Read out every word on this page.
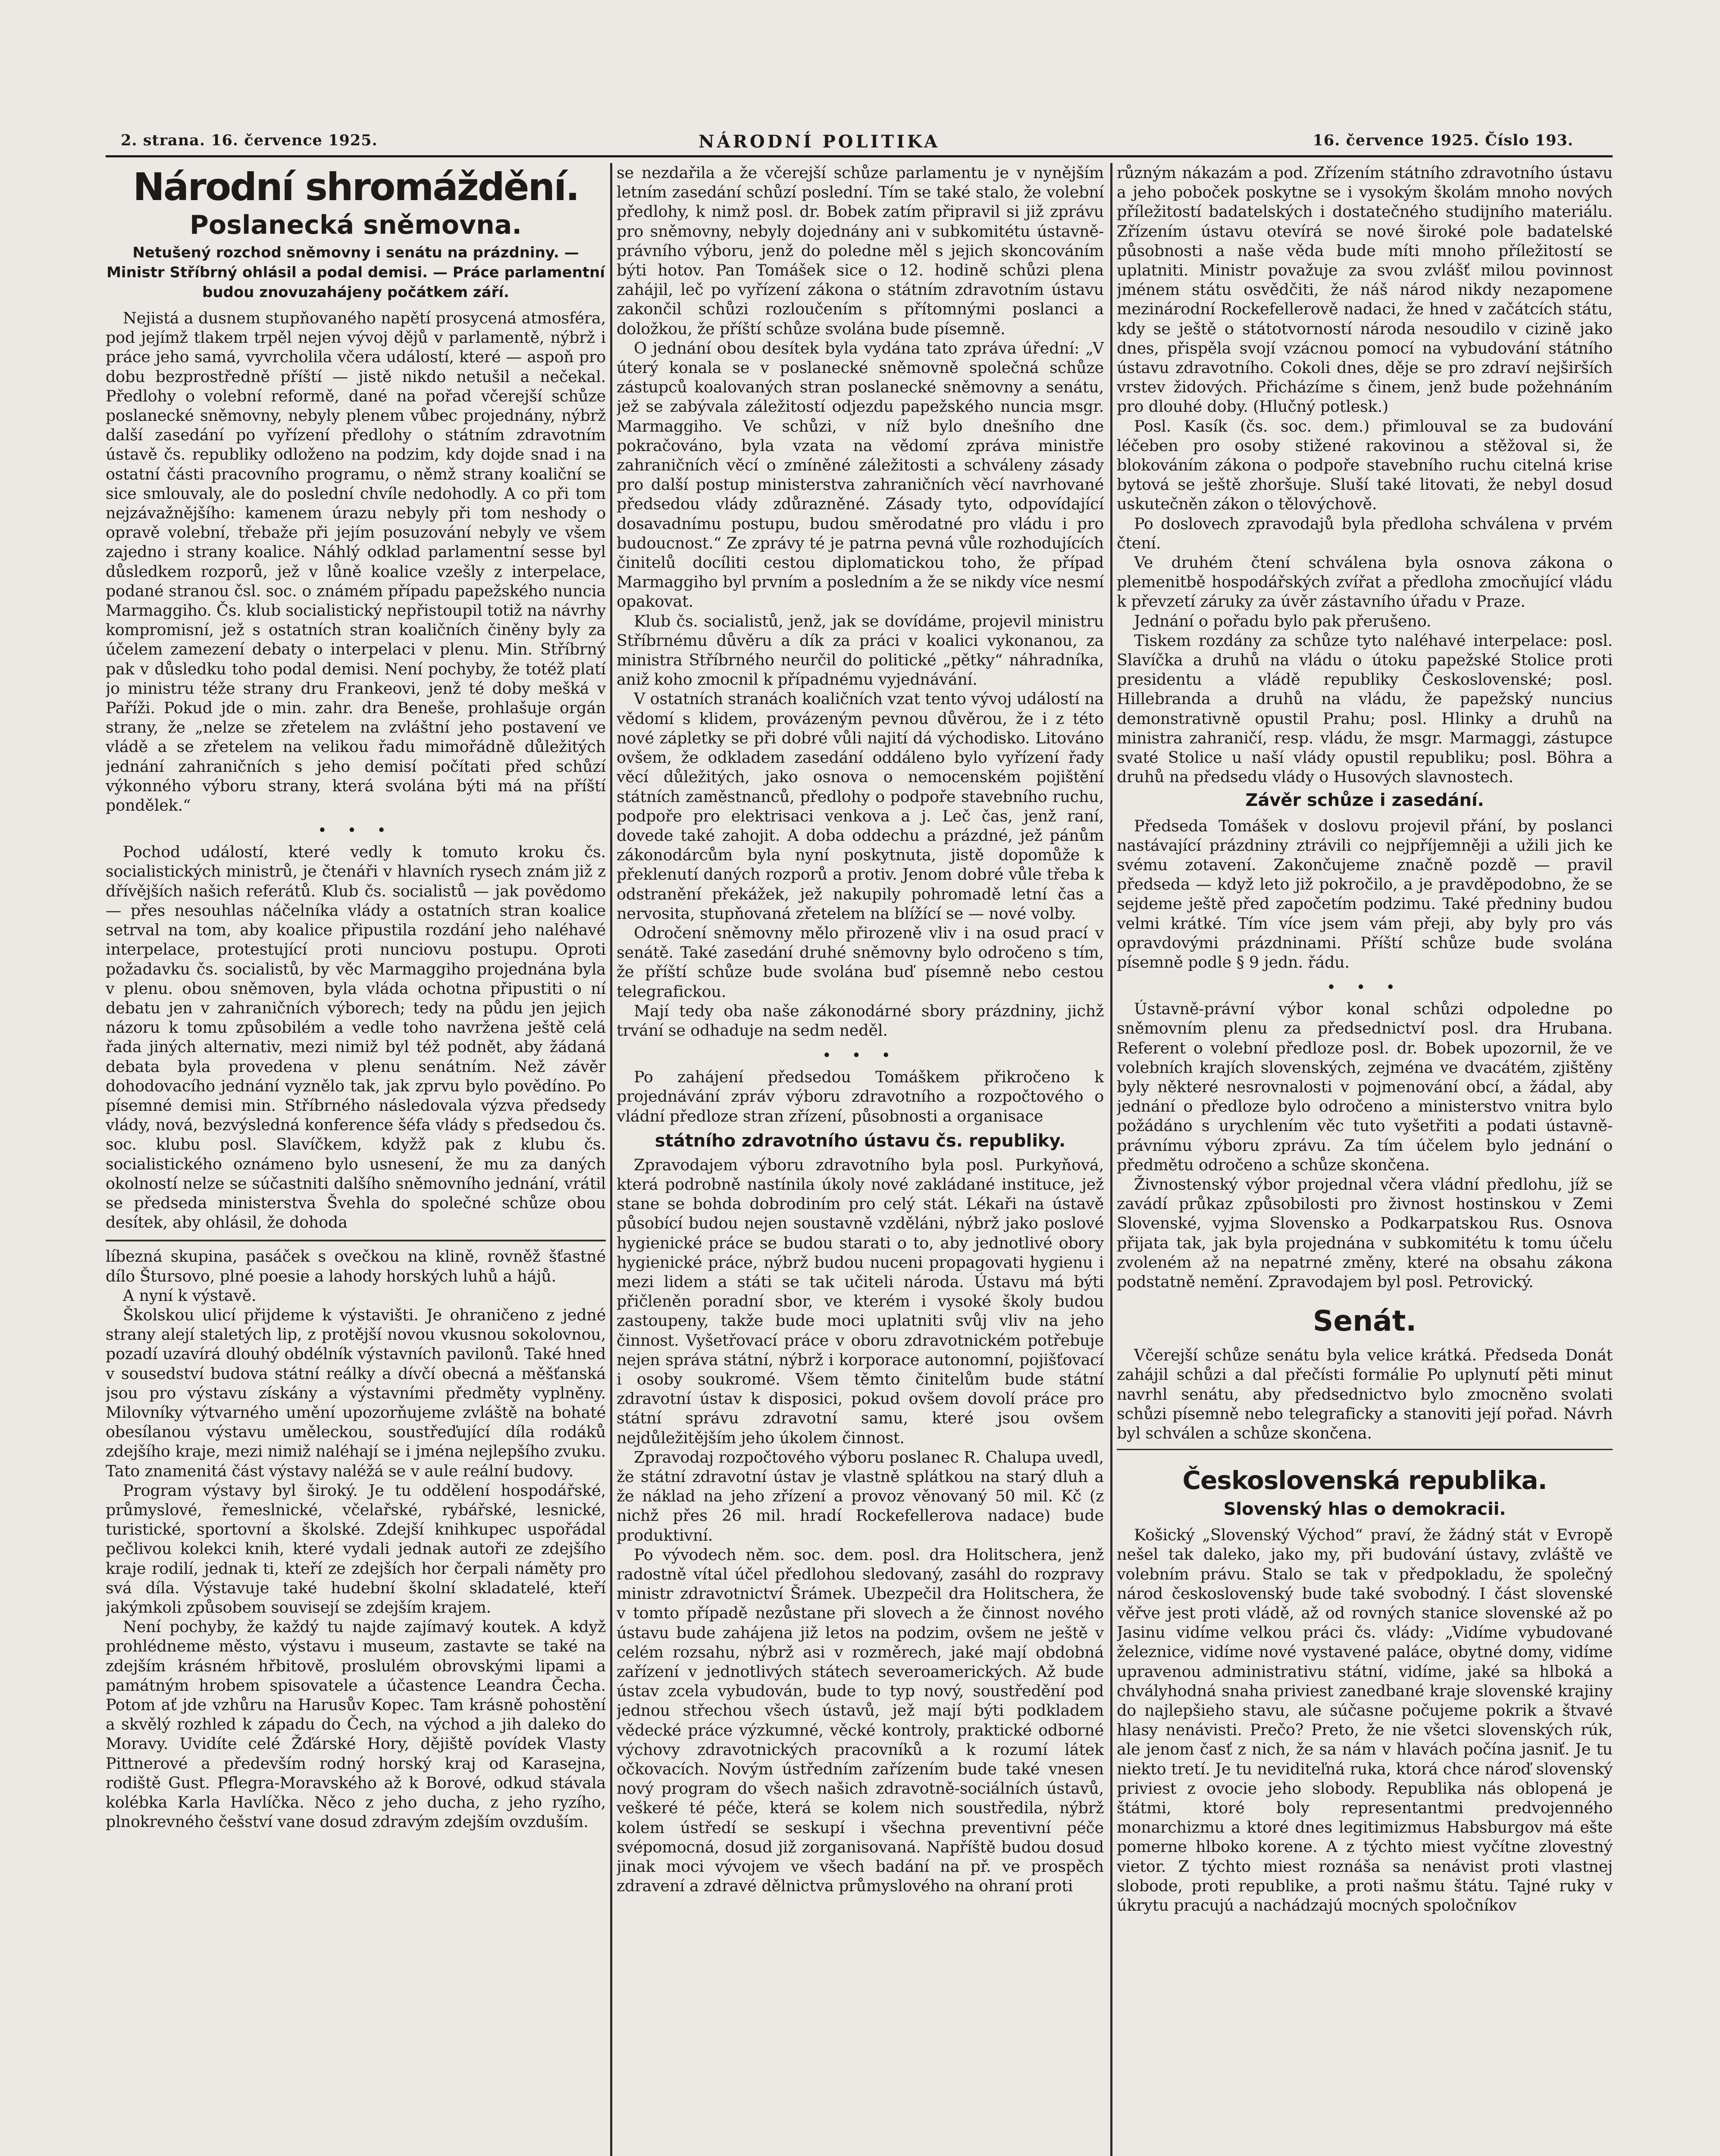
2. strana. 16. července 1925.	NÁRODNÍ POLITIKA	16. července 1925. Číslo 193.
Národní shromáždění.
Poslanecká sněmovna.
Netušený rozchod sněmovny i senátu na prázdniny. — Ministr Stříbrný ohlásil a podal demisi. — Práce parlamentní budou znovuzahájeny počátkem září.

Nejistá a dusnem stupňovaného napětí prosycená atmosféra, pod jejímž tlakem trpěl nejen vývoj dějů v parlamentě, nýbrž i práce jeho samá, vyvrcholila včera událostí, které — aspoň pro dobu bezprostředně příští — jistě nikdo netušil a nečekal. Předlohy o volební reformě, dané na pořad včerejší schůze poslanecké sněmovny, nebyly plenem vůbec projednány, nýbrž další zasedání po vyřízení předlohy o státním zdravotním ústavě čs. republiky odloženo na podzim, kdy dojde snad i na ostatní části pracovního programu, o němž strany koaliční se sice smlouvaly, ale do poslední chvíle nedohodly. A co při tom nejzávažnějšího: kamenem úrazu nebyly při tom neshody o opravě volební, třebaže při jejím posuzování nebyly ve všem zajedno i strany koalice. Náhlý odklad parlamentní sesse byl důsledkem rozporů, jež v lůně koalice vzešly z interpelace, podané stranou čsl. soc. o známém případu papežského nuncia Marmaggiho. Čs. klub socialistický nepřistoupil totiž na návrhy kompromisní, jež s ostatních stran koaličních činěny byly za účelem zamezení debaty o interpelaci v plenu. Min. Stříbrný pak v důsledku toho podal demisi. Není pochyby, že totéž platí jo ministru téže strany dru Frankeovi, jenž té doby mešká v Paříži. Pokud jde o min. zahr. dra Beneše, prohlašuje orgán strany, že „nelze se zřetelem na zvláštní jeho postavení ve vládě a se zřetelem na velikou řadu mimořádně důležitých jednání zahraničních s jeho demisí počítati před schůzí výkonného výboru strany, která svolána býti má na příští pondělek.“

• • •

Pochod událostí, které vedly k tomuto kroku čs. socialistických ministrů, je čtenáři v hlavních rysech znám již z dřívějších našich referátů. Klub čs. socialistů — jak povědomo — přes nesouhlas náčelníka vlády a ostatních stran koalice setrval na tom, aby koalice připustila rozdání jeho naléhavé interpelace, protestující proti nunciovu postupu. Oproti požadavku čs. socialistů, by věc Marmaggiho projednána byla v plenu. obou sněmoven, byla vláda ochotna připustiti o ní debatu jen v zahraničních výborech; tedy na půdu jen jejich názoru k tomu způsobilém a vedle toho navržena ještě celá řada jiných alternativ, mezi nimiž byl též podnět, aby žádaná debata byla provedena v plenu senátním. Než závěr dohodovacího jednání vyznělo tak, jak zprvu bylo povědíno. Po písemné demisi min. Stříbrného následovala výzva předsedy vlády, nová, bezvýsledná konference šéfa vlády s předsedou čs. soc. klubu posl. Slavíčkem, kdyžž pak z klubu čs. socialistického oznámeno bylo usnesení, že mu za daných okolností nelze se súčastniti dalšího sněmovního jednání, vrátil se předseda ministerstva Švehla do společné schůze obou desítek, aby ohlásil, že dohoda

líbezná skupina, pasáček s ovečkou na klině, rovněž šťastné dílo Štursovo, plné poesie a lahody horských luhů a hájů.

A nyní k výstavě.

Školskou ulicí přijdeme k výstavišti. Je ohraničeno z jedné strany alejí staletých lip, z protější novou vkusnou sokolovnou, pozadí uzavírá dlouhý obdélník výstavních pavilonů. Také hned v sousedství budova státní reálky a dívčí obecná a měšťanská jsou pro výstavu získány a výstavními předměty vyplněny. Milovníky výtvarného umění upozorňujeme zvláště na bohaté obesílanou výstavu uměleckou, soustřeďující díla rodáků zdejšího kraje, mezi nimiž naléhají se i jména nejlepšího zvuku. Tato znamenitá část výstavy naléžá se v aule reální budovy.

Program výstavy byl široký. Je tu oddělení hospodářské, průmyslové, řemeslnické, včelařské, rybářské, lesnické, turistické, sportovní a školské. Zdejší knihkupec uspořádal pečlivou kolekci knih, které vydali jednak autoři ze zdejšího kraje rodilí, jednak ti, kteří ze zdejších hor čerpali náměty pro svá díla. Výstavuje také hudební školní skladatelé, kteří jakýmkoli způsobem souvisejí se zdejším krajem.

Není pochyby, že každý tu najde zajímavý koutek. A když prohlédneme město, výstavu i museum, zastavte se také na zdejším krásném hřbitově, proslulém obrovskými lipami a památným hrobem spisovatele a účastence Leandra Čecha. Potom ať jde vzhůru na Harusův Kopec. Tam krásně pohostění a skvělý rozhled k západu do Čech, na východ a jih daleko do Moravy. Uvidíte celé Žďárské Hory, dějiště povídek Vlasty Pittnerové a především rodný horský kraj od Karasejna, rodiště Gust. Pflegra-Moravského až k Borové, odkud stávala kolébka Karla Havlíčka. Něco z jeho ducha, z jeho ryzího, plnokrevného češství vane dosud zdravým zdejším ovzduším.

se nezdařila a že včerejší schůze parlamentu je v nynějším letním zasedání schůzí poslední. Tím se také stalo, že volební předlohy, k nimž posl. dr. Bobek zatím připravil si již zprávu pro sněmovny, nebyly dojednány ani v subkomitétu ústavně-právního výboru, jenž do poledne měl s jejich skoncováním býti hotov. Pan Tomášek sice o 12. hodině schůzi plena zahájil, leč po vyřízení zákona o státním zdravotním ústavu zakončil schůzi rozloučením s přítomnými poslanci a doložkou, že příští schůze svolána bude písemně.

O jednání obou desítek byla vydána tato zpráva úřední: „V úterý konala se v poslanecké sněmovně společná schůze zástupců koalovaných stran poslanecké sněmovny a senátu, jež se zabývala záležitostí odjezdu papežského nuncia msgr. Marmaggiho. Ve schůzi, v níž bylo dnešního dne pokračováno, byla vzata na vědomí zpráva ministře zahraničních věcí o zmíněné záležitosti a schváleny zásady pro další postup ministerstva zahraničních věcí navrhované předsedou vlády zdůrazněné. Zásady tyto, odpovídající dosavadnímu postupu, budou směrodatné pro vládu i pro budoucnost.“ Ze zprávy té je patrna pevná vůle rozhodujících činitelů docíliti cestou diplomatickou toho, že případ Marmaggiho byl prvním a posledním a že se nikdy více nesmí opakovat.

Klub čs. socialistů, jenž, jak se dovídáme, projevil ministru Stříbrnému důvěru a dík za práci v koalici vykonanou, za ministra Stříbrného neurčil do politické „pětky“ náhradníka, aniž koho zmocnil k případnému vyjednávání.

V ostatních stranách koaličních vzat tento vývoj událostí na vědomí s klidem, provázeným pevnou důvěrou, že i z této nové zápletky se při dobré vůli najití dá východisko. Litováno ovšem, že odkladem zasedání oddáleno bylo vyřízení řady věcí důležitých, jako osnova o nemocenském pojištění státních zaměstnanců, předlohy o podpoře stavebního ruchu, podpoře pro elektrisaci venkova a j. Leč čas, jenž raní, dovede také zahojit. A doba oddechu a prázdné, jež pánům zákonodárcům byla nyní poskytnuta, jistě dopomůže k překlenutí daných rozporů a protiv. Jenom dobré vůle třeba k odstranění překážek, jež nakupily pohromadě letní čas a nervosita, stupňovaná zřetelem na blížící se — nové volby.

Odročení sněmovny mělo přirozeně vliv i na osud prací v senátě. Také zasedání druhé sněmovny bylo odročeno s tím, že příští schůze bude svolána buď písemně nebo cestou telegrafickou.

Mají tedy oba naše zákonodárné sbory prázdniny, jichž trvání se odhaduje na sedm neděl.

• • •

Po zahájení předsedou Tomáškem přikročeno k projednávání zpráv výboru zdravotního a rozpočtového o vládní předloze stran zřízení, působnosti a organisace

státního zdravotního ústavu čs. republiky.

Zpravodajem výboru zdravotního byla posl. Purkyňová, která podrobně nastínila úkoly nové zakládané instituce, jež stane se bohda dobrodiním pro celý stát. Lékaři na ústavě působící budou nejen soustavně vzděláni, nýbrž jako poslové hygienické práce se budou starati o to, aby jednotlivé obory hygienické práce, nýbrž budou nuceni propagovati hygienu i mezi lidem a státi se tak učiteli národa. Ústavu má býti přičleněn poradní sbor, ve kterém i vysoké školy budou zastoupeny, takže bude moci uplatniti svůj vliv na jeho činnost. Vyšetřovací práce v oboru zdravotnickém potřebuje nejen správa státní, nýbrž i korporace autonomní, pojišťovací i osoby soukromé. Všem těmto činitelům bude státní zdravotní ústav k disposici, pokud ovšem dovolí práce pro státní správu zdravotní samu, které jsou ovšem nejdůležitějším jeho úkolem činnost.

Zpravodaj rozpočtového výboru poslanec R. Chalupa uvedl, že státní zdravotní ústav je vlastně splátkou na starý dluh a že náklad na jeho zřízení a provoz věnovaný 50 mil. Kč (z nichž přes 26 mil. hradí Rockefellerova nadace) bude produktivní.

Po vývodech něm. soc. dem. posl. dra Holitschera, jenž radostně vítal účel předlohou sledovaný, zasáhl do rozpravy ministr zdravotnictví Šrámek. Ubezpečil dra Holitschera, že v tomto případě nezůstane při slovech a že činnost nového ústavu bude zahájena již letos na podzim, ovšem ne ještě v celém rozsahu, nýbrž asi v rozměrech, jaké mají obdobná zařízení v jednotlivých státech severoamerických. Až bude ústav zcela vybudován, bude to typ nový, soustředění pod jednou střechou všech ústavů, jež mají býti podkladem vědecké práce výzkumné, věcké kontroly, praktické odborné výchovy zdravotnických pracovníků a k rozumí látek očkovacích. Novým ústředním zařízením bude také vnesen nový program do všech našich zdravotně-sociálních ústavů, veškeré té péče, která se kolem nich soustředila, nýbrž kolem ústředí se seskupí i všechna preventivní péče svépomocná, dosud již zorganisovaná. Napříště budou dosud jinak moci vývojem ve všech badání na př. ve prospěch zdravení a zdravé dělnictva průmyslového na ohraní proti

různým nákazám a pod. Zřízením státního zdravotního ústavu a jeho poboček poskytne se i vysokým školám mnoho nových příležitostí badatelských i dostatečného studijního materiálu. Zřízením ústavu otevírá se nové široké pole badatelské působnosti a naše věda bude míti mnoho příležitostí se uplatniti. Ministr považuje za svou zvlášť milou povinnost jménem státu osvědčiti, že náš národ nikdy nezapomene mezinárodní Rockefellerově nadaci, že hned v začátcích státu, kdy se ještě o státotvorností národa nesoudilo v cizině jako dnes, přispěla svojí vzácnou pomocí na vybudování státního ústavu zdravotního. Cokoli dnes, děje se pro zdraví nejširších vrstev židových. Přicházíme s činem, jenž bude požehnáním pro dlouhé doby. (Hlučný potlesk.)

Posl. Kasík (čs. soc. dem.) přimlouval se za budování léčeben pro osoby stižené rakovinou a stěžoval si, že blokováním zákona o podpoře stavebního ruchu citelná krise bytová se ještě zhoršuje. Sluší také litovati, že nebyl dosud uskutečněn zákon o tělovýchově.

Po doslovech zpravodajů byla předloha schválena v prvém čtení.

Ve druhém čtení schválena byla osnova zákona o plemenitbě hospodářských zvířat a předloha zmocňující vládu k převzetí záruky za úvěr zástavního úřadu v Praze.

Jednání o pořadu bylo pak přerušeno.

Tiskem rozdány za schůze tyto naléhavé interpelace: posl. Slavíčka a druhů na vládu o útoku papežské Stolice proti presidentu a vládě republiky Československé; posl. Hillebranda a druhů na vládu, že papežský nuncius demonstrativně opustil Prahu; posl. Hlinky a druhů na ministra zahraničí, resp. vládu, že msgr. Marmaggi, zástupce svaté Stolice u naší vlády opustil republiku; posl. Böhra a druhů na předsedu vlády o Husových slavnostech.

Závěr schůze i zasedání.

Předseda Tomášek v doslovu projevil přání, by poslanci nastávající prázdniny ztrávili co nejpříjemněji a užili jich ke svému zotavení. Zakončujeme značně pozdě — pravil předseda — když leto již pokročilo, a je pravděpodobno, že se sejdeme ještě před započetím podzimu. Také předniny budou velmi krátké. Tím více jsem vám přeji, aby byly pro vás opravdovými prázdninami. Příští schůze bude svolána písemně podle § 9 jedn. řádu.

• • •

Ústavně-právní výbor konal schůzi odpoledne po sněmovním plenu za předsednictví posl. dra Hrubana. Referent o volební předloze posl. dr. Bobek upozornil, že ve volebních krajích slovenských, zejména ve dvacátém, zjištěny byly některé nesrovnalosti v pojmenování obcí, a žádal, aby jednání o předloze bylo odročeno a ministerstvo vnitra bylo požádáno s urychlením věc tuto vyšetřiti a podati ústavně-právnímu výboru zprávu. Za tím účelem bylo jednání o předmětu odročeno a schůze skončena.

Živnostenský výbor projednal včera vládní předlohu, jíž se zavádí průkaz způsobilosti pro živnost hostinskou v Zemi Slovenské, vyjma Slovensko a Podkarpatskou Rus. Osnova přijata tak, jak byla projednána v subkomitétu k tomu účelu zvoleném až na nepatrné změny, které na obsahu zákona podstatně nemění. Zpravodajem byl posl. Petrovický.

Senát.

Včerejší schůze senátu byla velice krátká. Předseda Donát zahájil schůzi a dal přečísti formálie Po uplynutí pěti minut navrhl senátu, aby předsednictvo bylo zmocněno svolati schůzi písemně nebo telegraficky a stanoviti její pořad. Návrh byl schválen a schůze skončena.

Československá republika.
Slovenský hlas o demokracii.

Košický „Slovenský Východ“ praví, že žádný stát v Evropě nešel tak daleko, jako my, při budování ústavy, zvláště ve volebním právu. Stalo se tak v předpokladu, že společný národ československý bude také svobodný. I část slovenské věřve jest proti vládě, až od rovných stanice slovenské až po Jasinu vidíme velkou práci čs. vlády: „Vidíme vybudované železnice, vidíme nové vystavené paláce, obytné domy, vidíme upravenou administrativu státní, vidíme, jaké sa hlboká a chvályhodná snaha priviest zanedbané kraje slovenské krajiny do najlepšieho stavu, ale súčasne počujeme pokrik a štvavé hlasy nenávisti. Prečo? Preto, že nie všetci slovenských rúk, ale jenom časť z nich, že sa nám v hlavách počína jasniť. Je tu niekto tretí. Je tu neviditeľná ruka, ktorá chce nároď slovenský priviest z ovocie jeho slobody. Republika nás oblopená je štátmi, ktoré boly representantmi predvojenného monarchizmu a ktoré dnes legitimizmus Habsburgov má ešte pomerne hlboko korene. A z týchto miest vyčítne zlovestný vietor. Z týchto miest roznáša sa nenávist proti vlastnej slobode, proti republike, a proti našmu štátu. Tajné ruky v úkrytu pracujú a nachádzajú mocných spoločníkov
